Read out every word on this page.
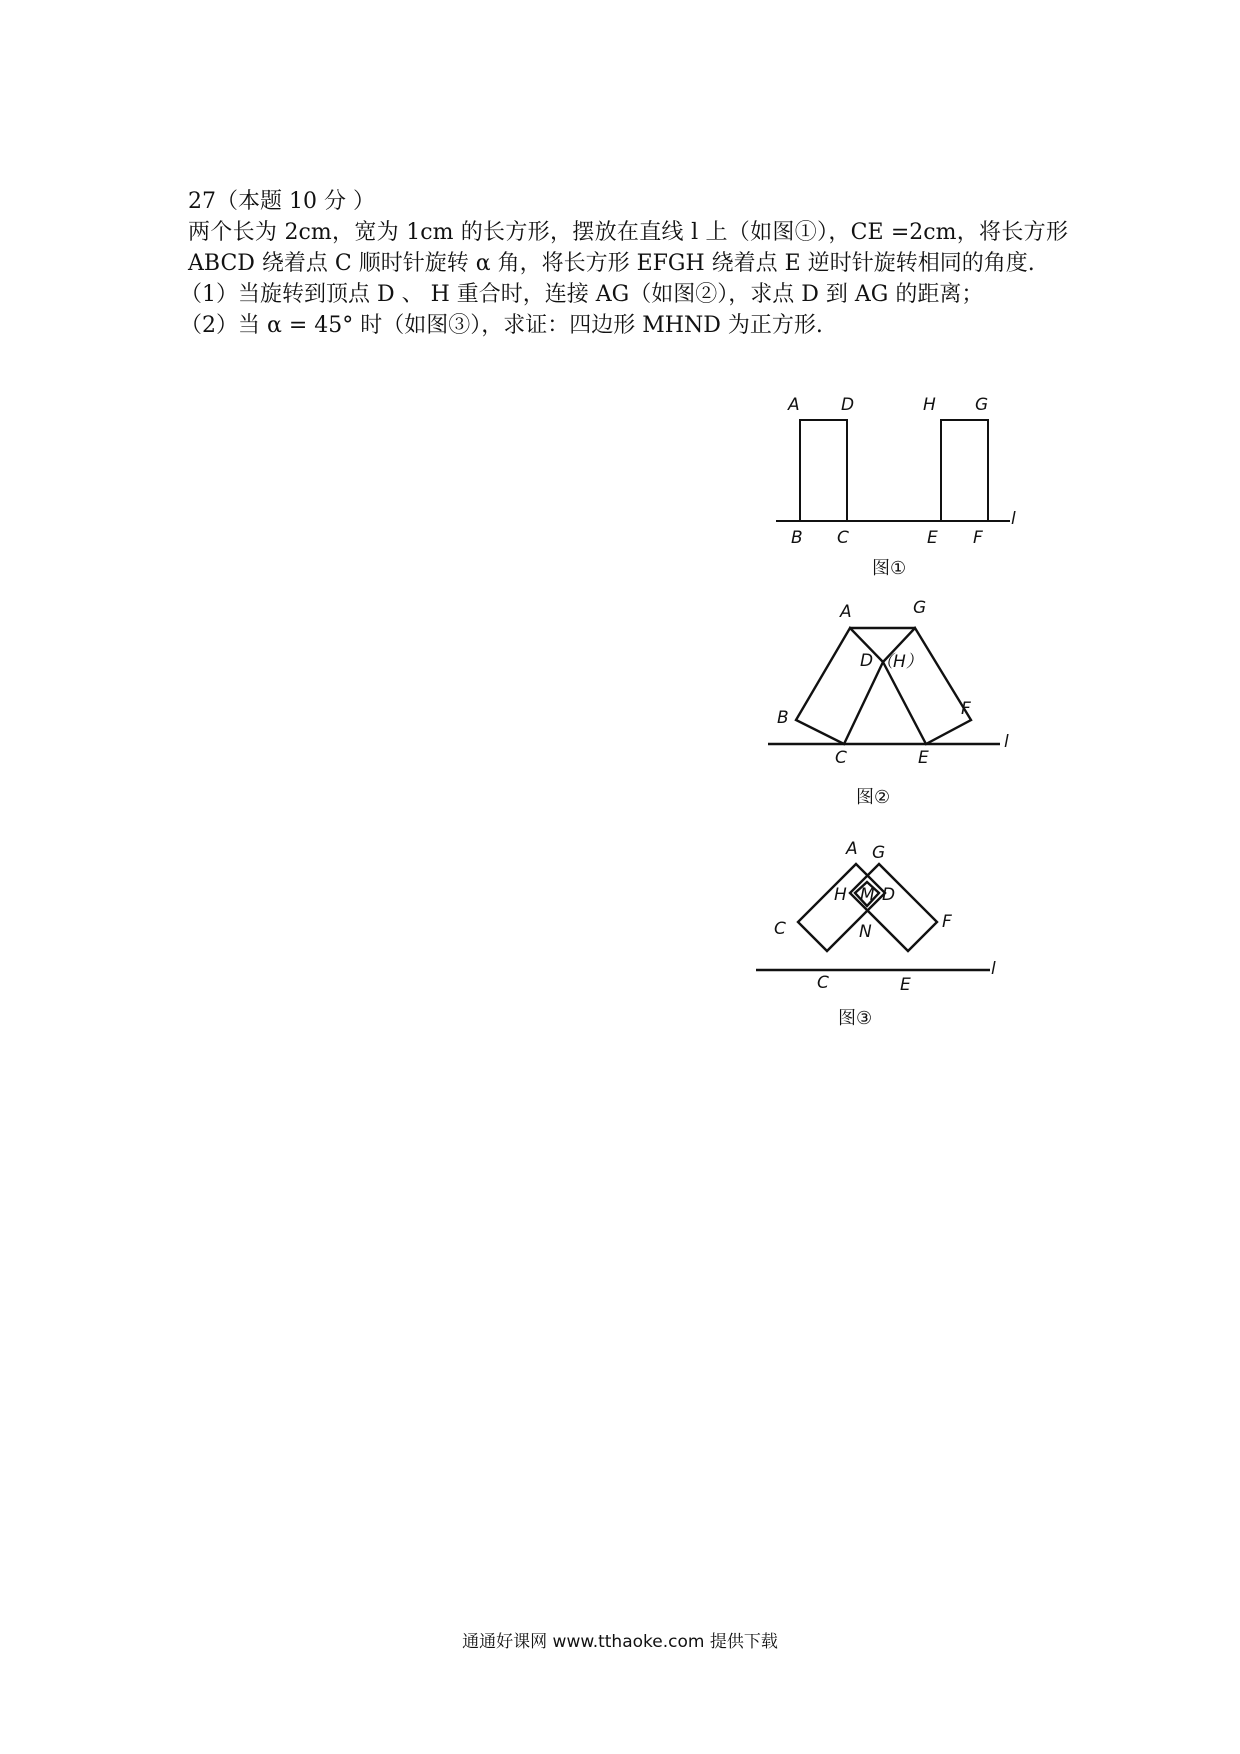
27（本题 10 分 ）

两个长为 2cm，宽为 1cm 的长方形，摆放在直线 l 上（如图①），CE =2cm，将长方形 ABCD 绕着点 C 顺时针旋转 α 角，将长方形 EFGH 绕着点 E 逆时针旋转相同的角度.

（1）当旋转到顶点 D 、 H 重合时，连接 AG（如图②），求点 D 到 AG 的距离；

（2）当 α = 45° 时（如图③），求证：四边形 MHND 为正方形.

A D	H G
B C	E F
l
图①
A	G
D （H）
B	F
C	E
l
图②
A G
H M D
N
C	F
C	E
l
图③
通通好课网 www.tthaoke.com 提供下载
